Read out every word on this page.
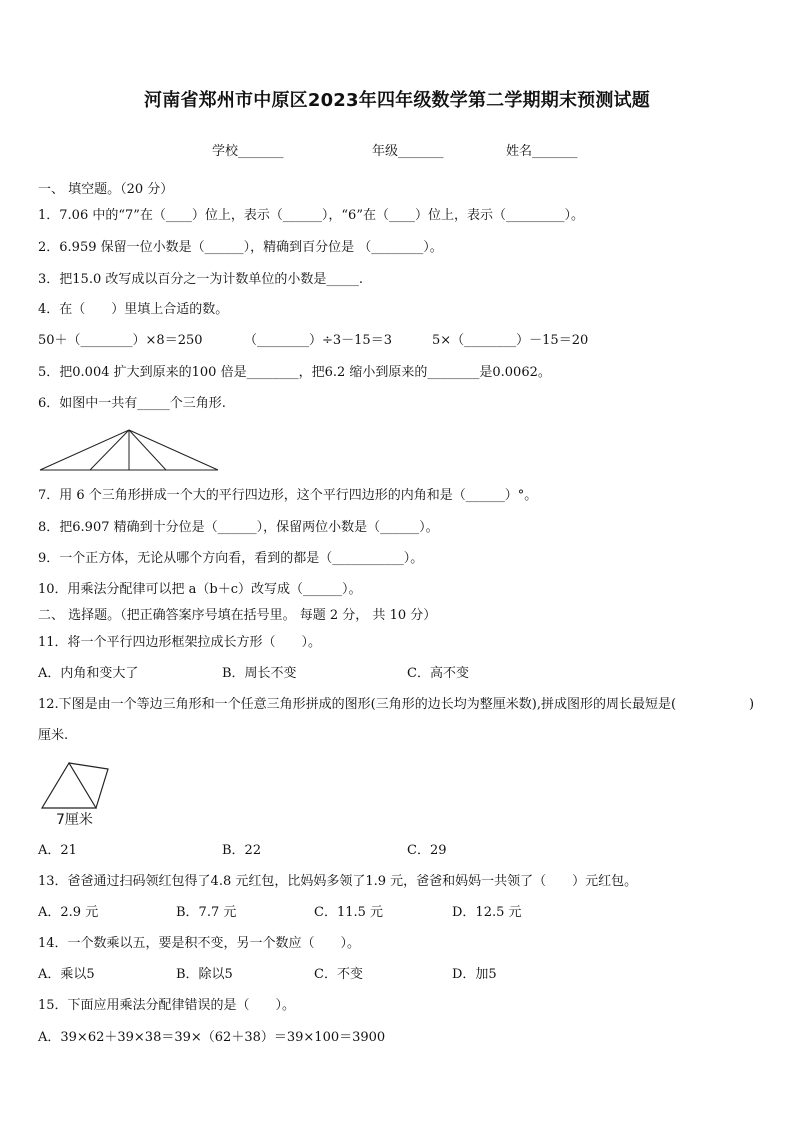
河南省郑州市中原区2023年四年级数学第二学期期末预测试题
学校_______	年级_______	姓名_______
一、 填空题。（20 分）
1．7.06 中的“7”在（____）位上，表示（______），“6”在（____）位上，表示（_________）。
2．6.959 保留一位小数是（______），精确到百分位是 （________）。
3．把15.0 改写成以百分之一为计数单位的小数是_____.
4．在（　　）里填上合适的数。
50＋（________）×8＝250	（________）÷3－15＝3	5×（________）－15＝20
5．把0.004 扩大到原来的100 倍是________，把6.2 缩小到原来的________是0.0062。
6．如图中一共有_____个三角形.
7．用 6 个三角形拼成一个大的平行四边形，这个平行四边形的内角和是（______）°。
8．把6.907 精确到十分位是（______），保留两位小数是（______）。
9．一个正方体，无论从哪个方向看，看到的都是（___________）。
10．用乘法分配律可以把 a（b＋c）改写成（______）。
二、 选择题。（把正确答案序号填在括号里。 每题 2 分， 共 10 分）
11．将一个平行四边形框架拉成长方形（　　）。
A．内角和变大了	B．周长不变	C．高不变
12.下图是由一个等边三角形和一个任意三角形拼成的图形(三角形的边长均为整厘米数),拼成图形的周长最短是(	)
厘米.
7厘米
A．21	B．22	C．29
13．爸爸通过扫码领红包得了4.8 元红包，比妈妈多领了1.9 元，爸爸和妈妈一共领了（　　）元红包。
A．2.9 元	B．7.7 元	C．11.5 元	D．12.5 元
14．一个数乘以五，要是积不变，另一个数应（　　）。
A．乘以5	B．除以5	C．不变	D．加5
15．下面应用乘法分配律错误的是（　　）。
A．39×62＋39×38＝39×（62＋38）＝39×100＝3900
